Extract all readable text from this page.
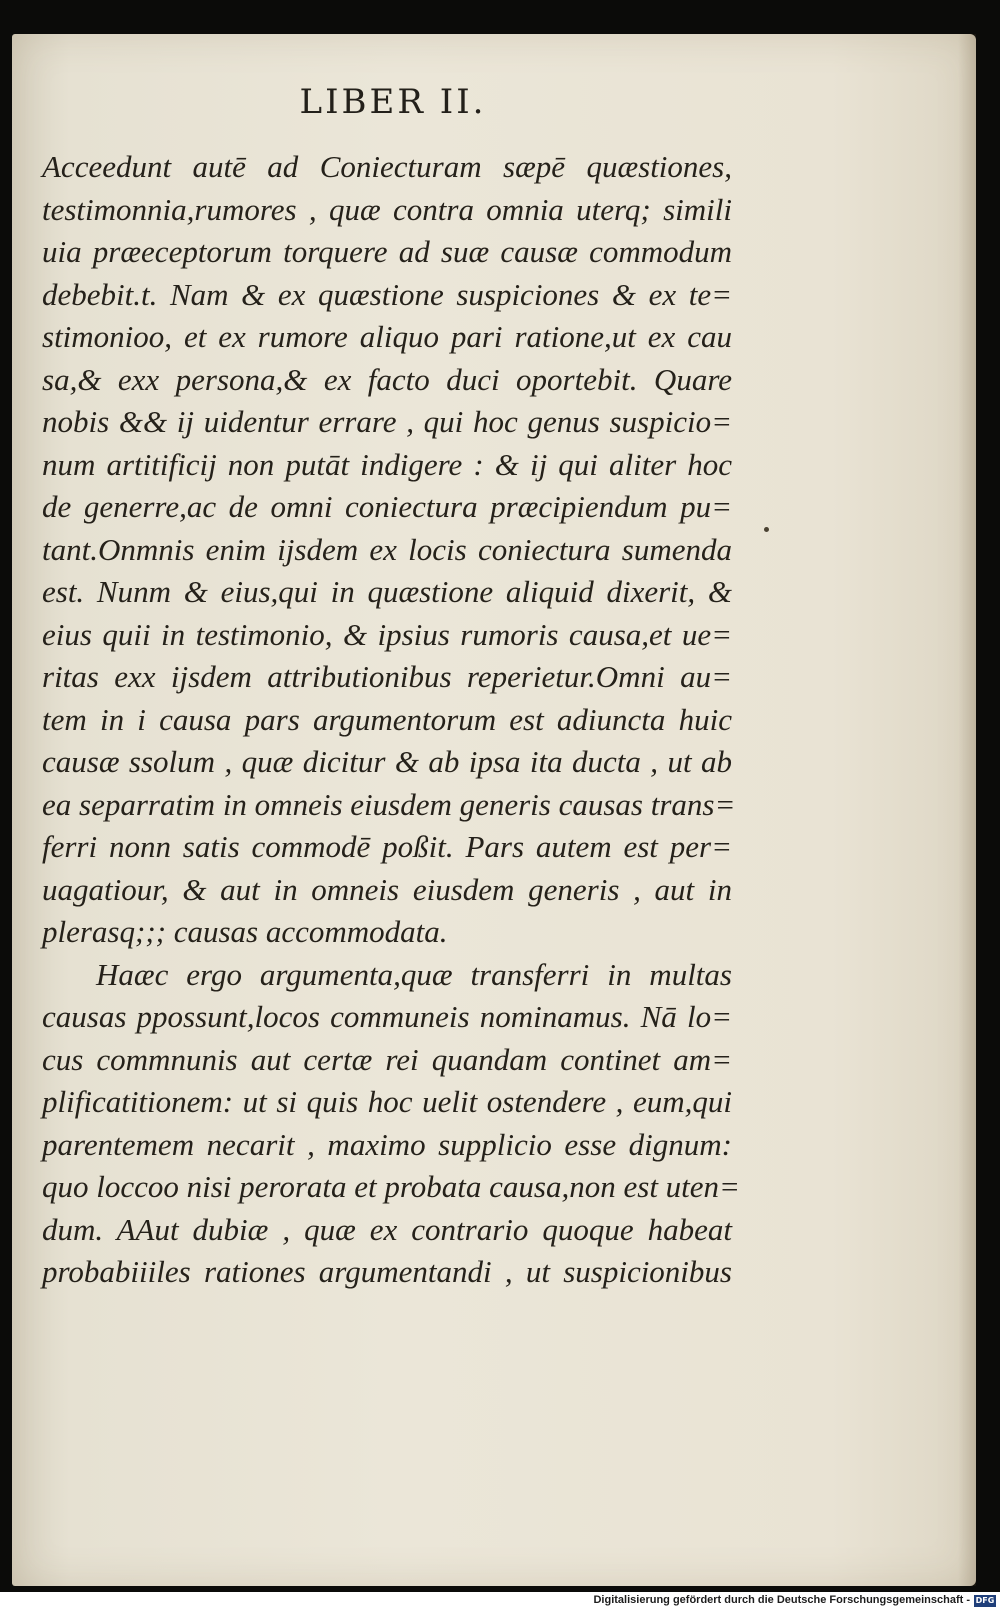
LIBER II.
Acceedunt autē ad Coniecturam sæpē quæstiones,
testimonnia,rumores , quæ contra omnia uterq; simili
uia præeceptorum torquere ad suæ causæ commodum
debebit.t. Nam & ex quæstione suspiciones & ex te=
stimonioo, et ex rumore aliquo pari ratione,ut ex cau
sa,& exx persona,& ex facto duci oportebit. Quare
nobis && ij uidentur errare , qui hoc genus suspicio=
num artitificij non putāt indigere : & ij qui aliter hoc
de generre,ac de omni coniectura præcipiendum pu=
tant.Onmnis enim ijsdem ex locis coniectura sumenda
est. Nunm & eius,qui in quæstione aliquid dixerit, &
eius quii in testimonio, & ipsius rumoris causa,et ue=
ritas exx ijsdem attributionibus reperietur.Omni au=
tem in i causa pars argumentorum est adiuncta huic
causæ ssolum , quæ dicitur & ab ipsa ita ducta , ut ab
ea separratim in omneis eiusdem generis causas trans=
ferri nonn satis commodē poßit. Pars autem est per=
uagatiour, & aut in omneis eiusdem generis , aut in
plerasq;;; causas accommodata.
Haæc ergo argumenta,quæ transferri in multas
causas ppossunt,locos communeis nominamus. Nā lo=
cus commnunis aut certæ rei quandam continet am=
plificatitionem: ut si quis hoc uelit ostendere , eum,qui
parentemem necarit , maximo supplicio esse dignum:
quo loccoo nisi perorata et probata causa,non est uten=
dum. AAut dubiæ , quæ ex contrario quoque habeat
probabiiiles rationes argumentandi , ut suspicionibus
Digitalisierung gefördert durch die Deutsche Forschungsgemeinschaft - DFG
